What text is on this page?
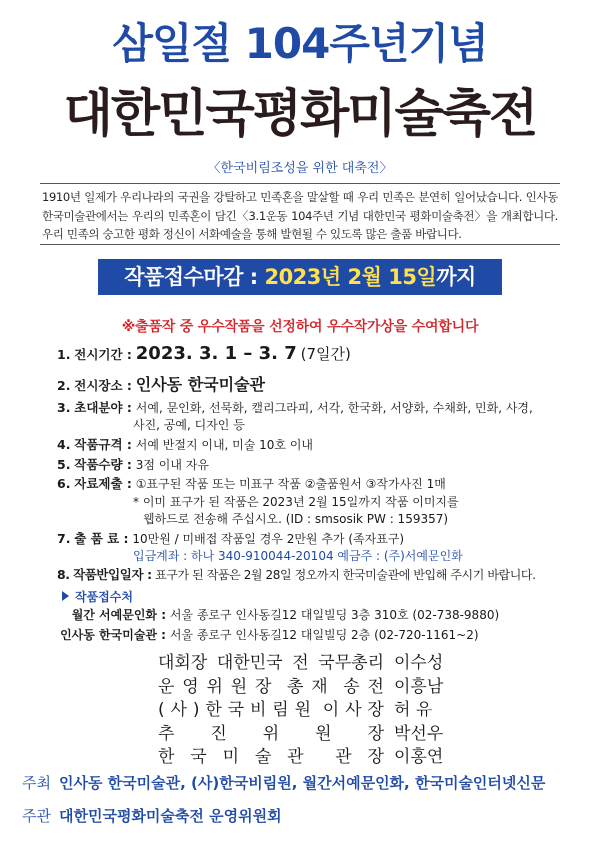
삼일절 104주년기념
대한민국평화미술축전
〈한국비림조성을 위한 대축전〉
1910년 일제가 우리나라의 국권을 강탈하고 민족혼을 말살할 때 우리 민족은 분연히 일어났습니다. 인사동 한국미술관에서는 우리의 민족혼이 담긴〈3.1운동 104주년 기념 대한민국 평화미술축전〉을 개최합니다. 우리 민족의 숭고한 평화 정신이 서화예술을 통해 발현될 수 있도록 많은 출품 바랍니다.
작품접수마감 : 2023년 2월 15일까지
※출품작 중 우수작품을 선정하여 우수작가상을 수여합니다
1. 전시기간 : 2023. 3. 1 – 3. 7 (7일간)
2. 전시장소 : 인사동 한국미술관
3. 초대분야 : 서예, 문인화, 선묵화, 캘리그라피, 서각, 한국화, 서양화, 수채화, 민화, 사경,
사진, 공예, 디자인 등
4. 작품규격 : 서예 반절지 이내, 미술 10호 이내
5. 작품수량 : 3점 이내 자유
6. 자료제출 : ①표구된 작품 또는 미표구 작품 ②출품원서 ③작가사진 1매
* 이미 표구가 된 작품은 2023년 2월 15일까지 작품 이미지를
웹하드로 전송해 주십시오. (ID : smsosik PW : 159357)
7. 출 품 료 : 10만원 / 미배접 작품일 경우 2만원 추가 (족자표구)
입금계좌 : 하나 340-910044-20104 예금주 : (주)서예문인화
8. 작품반입일자 : 표구가 된 작품은 2월 28일 정오까지 한국미술관에 반입해 주시기 바랍니다.
작품접수처
월간 서예문인화 : 서울 종로구 인사동길12 대일빌딩 3층 310호 (02-738-9880)
인사동 한국미술관 : 서울 종로구 인사동길12 대일빌딩 2층 (02-720-1161~2)
대회장 대한민국 전 국무총리 이수성
운 영 위 원 장 총 재 송 전 이흥남
( 사 ) 한 국 비 림 원 이 사 장 허 유
추 진 위 원 장 박선우
한 국 미 술 관 관 장 이홍연
주최 인사동 한국미술관, (사)한국비림원, 월간서예문인화, 한국미술인터넷신문
주관 대한민국평화미술축전 운영위원회
